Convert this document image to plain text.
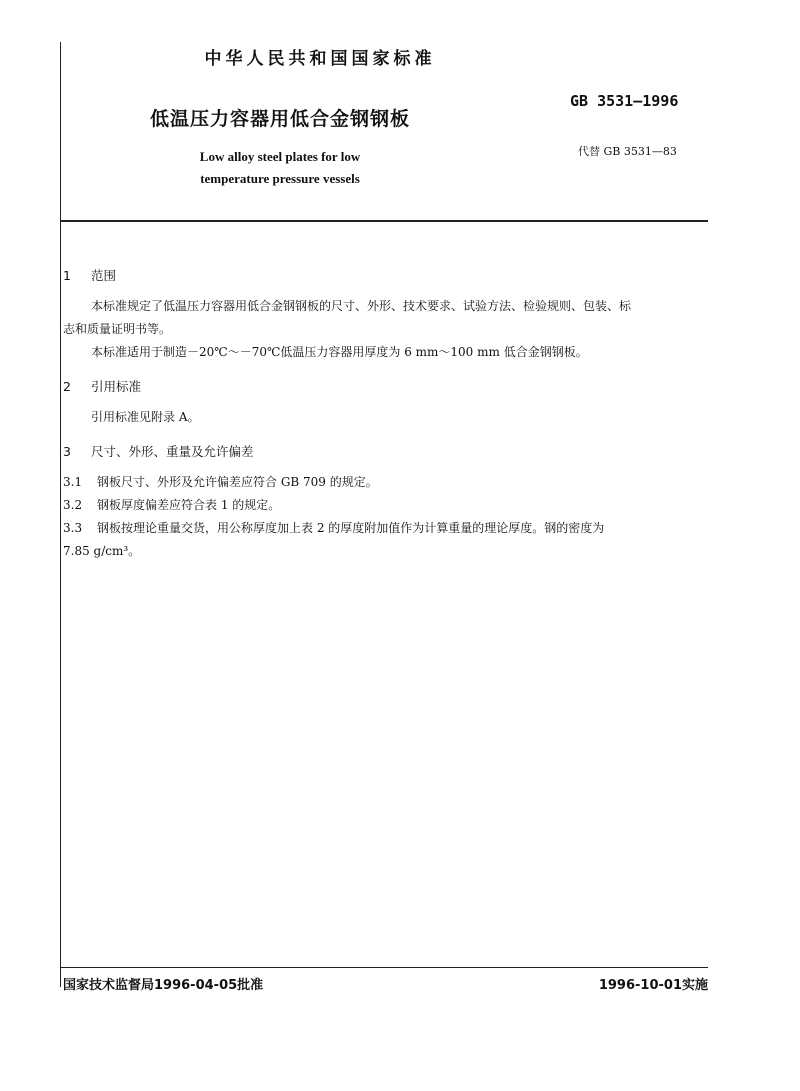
中华人民共和国国家标准
低温压力容器用低合金钢钢板
Low alloy steel plates for low
temperature pressure vessels
GB 3531—1996
代替 GB 3531—83
1 范围
本标准规定了低温压力容器用低合金钢钢板的尺寸、外形、技术要求、试验方法、检验规则、包装、标
志和质量证明书等。
本标准适用于制造－20℃～－70℃低温压力容器用厚度为 6 mm～100 mm 低合金钢钢板。
2 引用标准
引用标准见附录 A。
3 尺寸、外形、重量及允许偏差
3.1 钢板尺寸、外形及允许偏差应符合 GB 709 的规定。
3.2 钢板厚度偏差应符合表 1 的规定。
3.3 钢板按理论重量交货，用公称厚度加上表 2 的厚度附加值作为计算重量的理论厚度。钢的密度为
7.85 g/cm³。
国家技术监督局1996-04-05批准	1996-10-01实施
